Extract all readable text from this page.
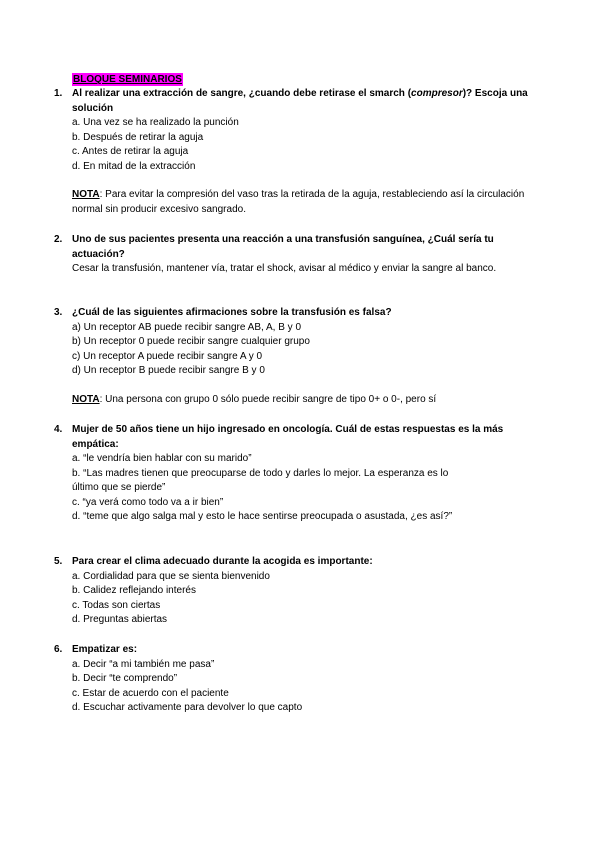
BLOQUE SEMINARIOS
1. Al realizar una extracción de sangre, ¿cuando debe retirase el smarch (compresor)? Escoja una solución
a. Una vez se ha realizado la punción
b. Después de retirar la aguja
c. Antes de retirar la aguja
d. En mitad de la extracción
NOTA: Para evitar la compresión del vaso tras la retirada de la aguja, restableciendo así la circulación normal sin producir excesivo sangrado.
2. Uno de sus pacientes presenta una reacción a una transfusión sanguínea, ¿Cuál sería tu actuación?
Cesar la transfusión, mantener vía, tratar el shock, avisar al médico y enviar la sangre al banco.
3. ¿Cuál de las siguientes afirmaciones sobre la transfusión es falsa?
a) Un receptor AB puede recibir sangre AB, A, B y 0
b) Un receptor 0 puede recibir sangre cualquier grupo
c) Un receptor A puede recibir sangre A y 0
d) Un receptor B puede recibir sangre B y 0
NOTA: Una persona con grupo 0 sólo puede recibir sangre de tipo 0+ o 0-, pero sí
4. Mujer de 50 años tiene un hijo ingresado en oncología. Cuál de estas respuestas es la más empática:
a. “le vendría bien hablar con su marido”
b. “Las madres tienen que preocuparse de todo y darles lo mejor. La esperanza es lo último que se pierde”
c. “ya verá como todo va a ir bien”
d. “teme que algo salga mal y esto le hace sentirse preocupada o asustada, ¿es así?”
5. Para crear el clima adecuado durante la acogida es importante:
a. Cordialidad para que se sienta bienvenido
b. Calidez reflejando interés
c. Todas son ciertas
d. Preguntas abiertas
6. Empatizar es:
a. Decir “a mi también me pasa”
b. Decir “te comprendo”
c. Estar de acuerdo con el paciente
d. Escuchar activamente para devolver lo que capto
